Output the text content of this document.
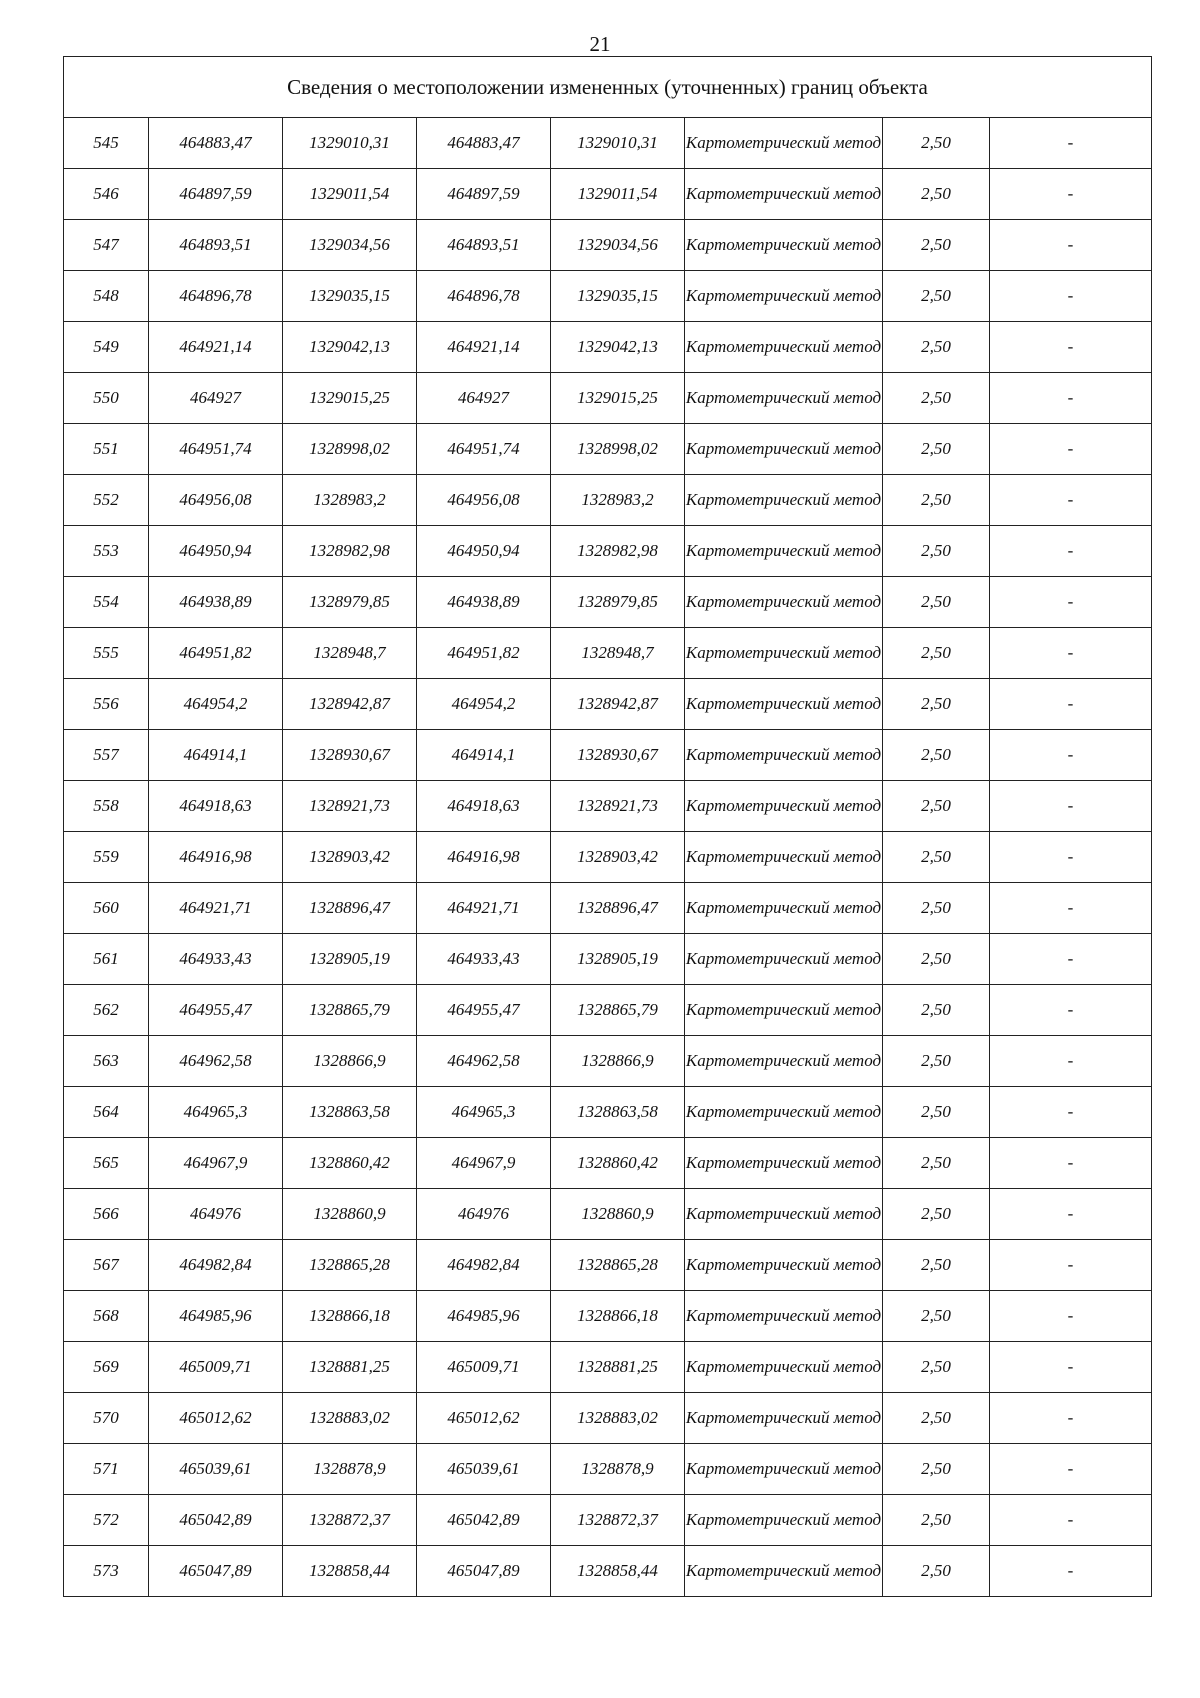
21
Сведения о местоположении измененных (уточненных) границ объекта							
545	464883,47	1329010,31	464883,47	1329010,31	Картометрический метод	2,50	-
546	464897,59	1329011,54	464897,59	1329011,54	Картометрический метод	2,50	-
547	464893,51	1329034,56	464893,51	1329034,56	Картометрический метод	2,50	-
548	464896,78	1329035,15	464896,78	1329035,15	Картометрический метод	2,50	-
549	464921,14	1329042,13	464921,14	1329042,13	Картометрический метод	2,50	-
550	464927	1329015,25	464927	1329015,25	Картометрический метод	2,50	-
551	464951,74	1328998,02	464951,74	1328998,02	Картометрический метод	2,50	-
552	464956,08	1328983,2	464956,08	1328983,2	Картометрический метод	2,50	-
553	464950,94	1328982,98	464950,94	1328982,98	Картометрический метод	2,50	-
554	464938,89	1328979,85	464938,89	1328979,85	Картометрический метод	2,50	-
555	464951,82	1328948,7	464951,82	1328948,7	Картометрический метод	2,50	-
556	464954,2	1328942,87	464954,2	1328942,87	Картометрический метод	2,50	-
557	464914,1	1328930,67	464914,1	1328930,67	Картометрический метод	2,50	-
558	464918,63	1328921,73	464918,63	1328921,73	Картометрический метод	2,50	-
559	464916,98	1328903,42	464916,98	1328903,42	Картометрический метод	2,50	-
560	464921,71	1328896,47	464921,71	1328896,47	Картометрический метод	2,50	-
561	464933,43	1328905,19	464933,43	1328905,19	Картометрический метод	2,50	-
562	464955,47	1328865,79	464955,47	1328865,79	Картометрический метод	2,50	-
563	464962,58	1328866,9	464962,58	1328866,9	Картометрический метод	2,50	-
564	464965,3	1328863,58	464965,3	1328863,58	Картометрический метод	2,50	-
565	464967,9	1328860,42	464967,9	1328860,42	Картометрический метод	2,50	-
566	464976	1328860,9	464976	1328860,9	Картометрический метод	2,50	-
567	464982,84	1328865,28	464982,84	1328865,28	Картометрический метод	2,50	-
568	464985,96	1328866,18	464985,96	1328866,18	Картометрический метод	2,50	-
569	465009,71	1328881,25	465009,71	1328881,25	Картометрический метод	2,50	-
570	465012,62	1328883,02	465012,62	1328883,02	Картометрический метод	2,50	-
571	465039,61	1328878,9	465039,61	1328878,9	Картометрический метод	2,50	-
572	465042,89	1328872,37	465042,89	1328872,37	Картометрический метод	2,50	-
573	465047,89	1328858,44	465047,89	1328858,44	Картометрический метод	2,50	-
